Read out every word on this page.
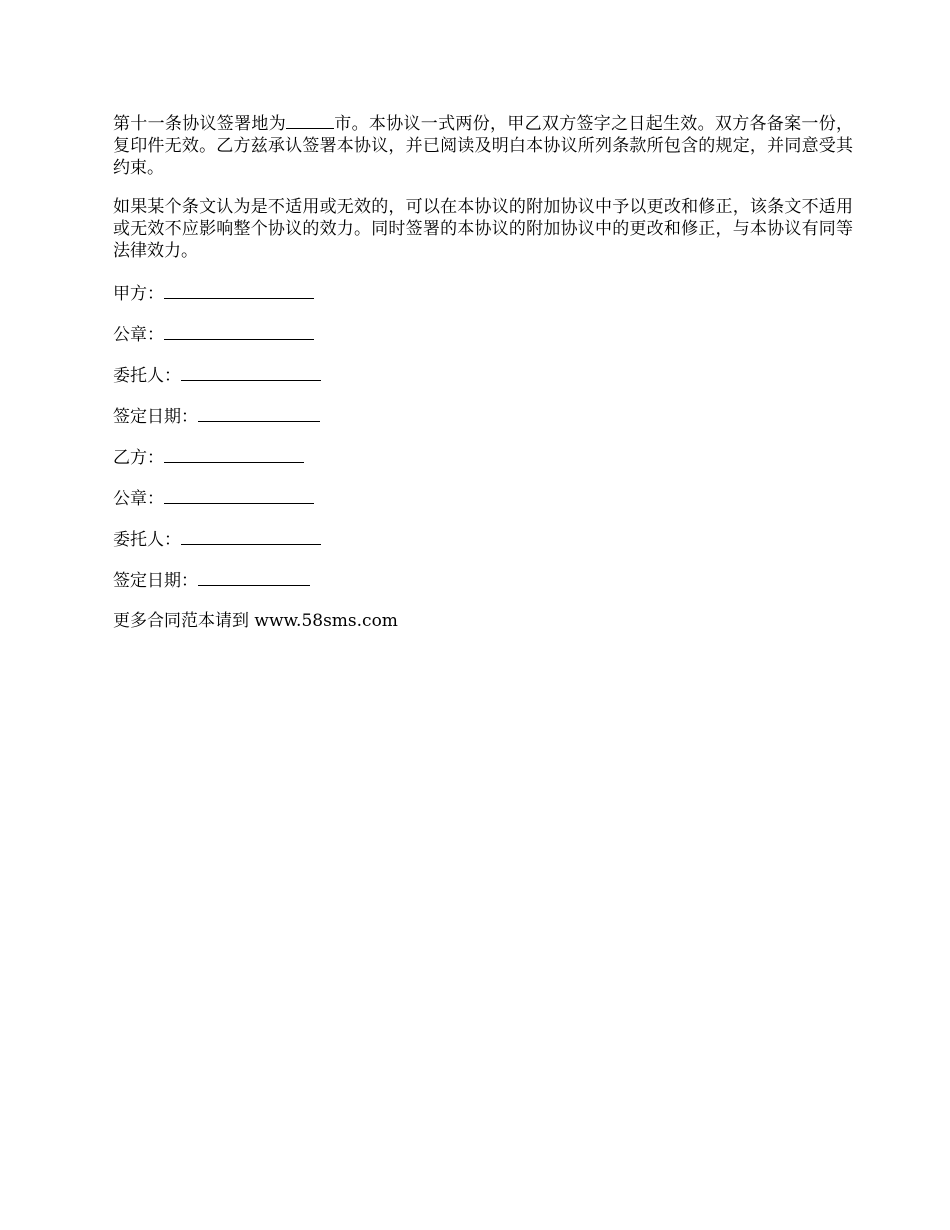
第十一条协议签署地为	市。本协议一式两份，甲乙双方签字之日起生效。双方各备案一份，复印件无效。乙方兹承认签署本协议，并已阅读及明白本协议所列条款所包含的规定，并同意受其约束。

如果某个条文认为是不适用或无效的，可以在本协议的附加协议中予以更改和修正，该条文不适用或无效不应影响整个协议的效力。同时签署的本协议的附加协议中的更改和修正，与本协议有同等法律效力。

甲方：
公章：
委托人：
签定日期：
乙方：
公章：
委托人：
签定日期：

更多合同范本请到 www.58sms.com
